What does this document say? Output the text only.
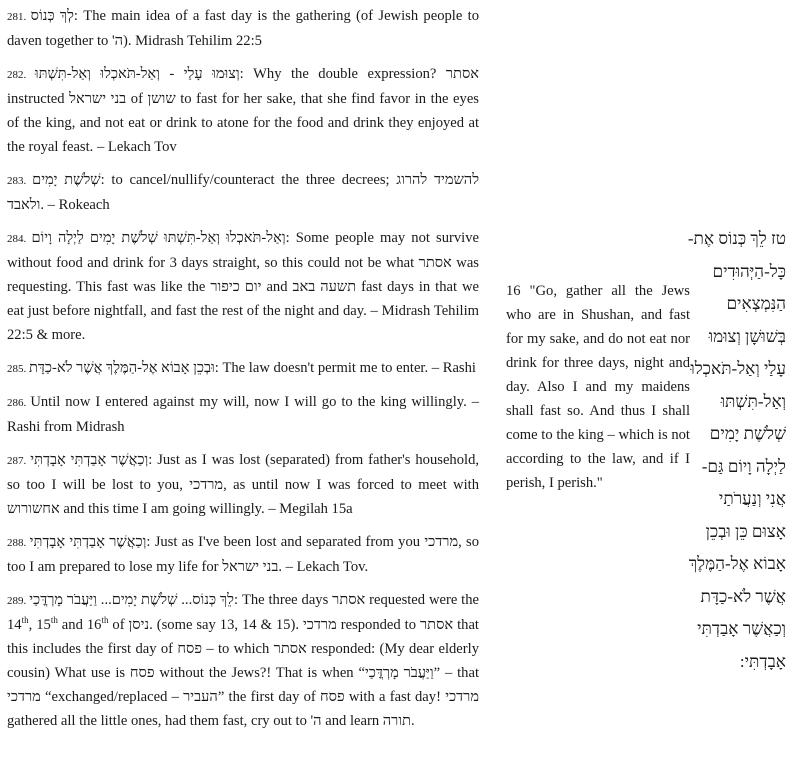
281. לְךְ כְּנוֹס: The main idea of a fast day is the gathering (of Jewish people to daven together to ה'). Midrash Tehilim 22:5
282. וְצוּמוּ עָלַי - וְאַל-תֹּאכְלוּ וְאַל-תִּשְׁתּוּ: Why the double expression? אסתר instructed בני ישראל of שושן to fast for her sake, that she find favor in the eyes of the king, and not eat or drink to atone for the food and drink they enjoyed at the royal feast. – Lekach Tov
283. שְׁלֹשֶׁת יָמִים: to cancel/nullify/counteract the three decrees; להשמיד להרוג ולאבד. – Rokeach
284. וְאַל-תֹּאכְלוּ וְאַל-תִּשְׁתּוּ שְׁלֹשֶׁת יָמִים לַיְלָה וָיוֹם: Some people may not survive without food and drink for 3 days straight, so this could not be what אסתר was requesting. This fast was like the יום כיפור and תשעה באב fast days in that we eat just before nightfall, and fast the rest of the night and day. – Midrash Tehilim 22:5 & more.
285. וּבְכֵן אָבוֹא אֶל-הַמֶּלֶךְ אֲשֶׁר לֹא-כַדָּת: The law doesn't permit me to enter. – Rashi
286. Until now I entered against my will, now I will go to the king willingly. – Rashi from Midrash
287. וְכַאֲשֶׁר אָבַדְתִּי אָבָדְתִּי: Just as I was lost (separated) from father's household, so too I will be lost to you, מרדכי, as until now I was forced to meet with אחשורוש and this time I am going willingly. – Megilah 15a
288. וְכַאֲשֶׁר אָבַדְתִּי אָבָדְתִּי: Just as I've been lost and separated from you מרדכי, so too I am prepared to lose my life for בני ישראל. – Lekach Tov.
289. לֵךְ כְּנוֹס... שְׁלֹשֶׁת יָמִים... וַיַּעֲבֹר מָרְדֳּכַי: The three days אסתר requested were the 14th, 15th and 16th of ניסן. (some say 13, 14 & 15). מרדכי responded to אסתר that this includes the first day of פסח – to which אסתר responded: (My dear elderly cousin) What use is פסח without the Jews?! That is when “וַיַּעֲבֹר מָרְדֳּכַי” – that מרדכי “exchanged/replaced – העביר” the first day of פסח with a fast day! מרדכי gathered all the little ones, had them fast, cry out to ה' and learn תורה.
16 "Go, gather all the Jews who are in Shushan, and fast for my sake, and do not eat nor drink for three days, night and day. Also I and my maidens shall fast so. And thus I shall come to the king – which is not according to the law, and if I perish, I perish."
טז לֵךְ כְּנוֹס אֶת-
כָּל-הַיְּהוּדִים
הַנִּמְצְאִים
בְּשׁוּשָׁן וְצוּמוּ
עָלַי וְאַל-תֹּאכְלוּ
וְאַל-תִּשְׁתּוּ
שְׁלֹשֶׁת יָמִים
לַיְלָה וָיוֹם גַּם-
אֲנִי וְנַעֲרֹתַי
אָצוּם כֵּן וּבְכֵן
אָבוֹא אֶל-הַמֶּלֶךְ
אֲשֶׁר לֹא-כַדָּת
וְכַאֲשֶׁר אָבַדְתִּי
אָבָדְתִּי:
